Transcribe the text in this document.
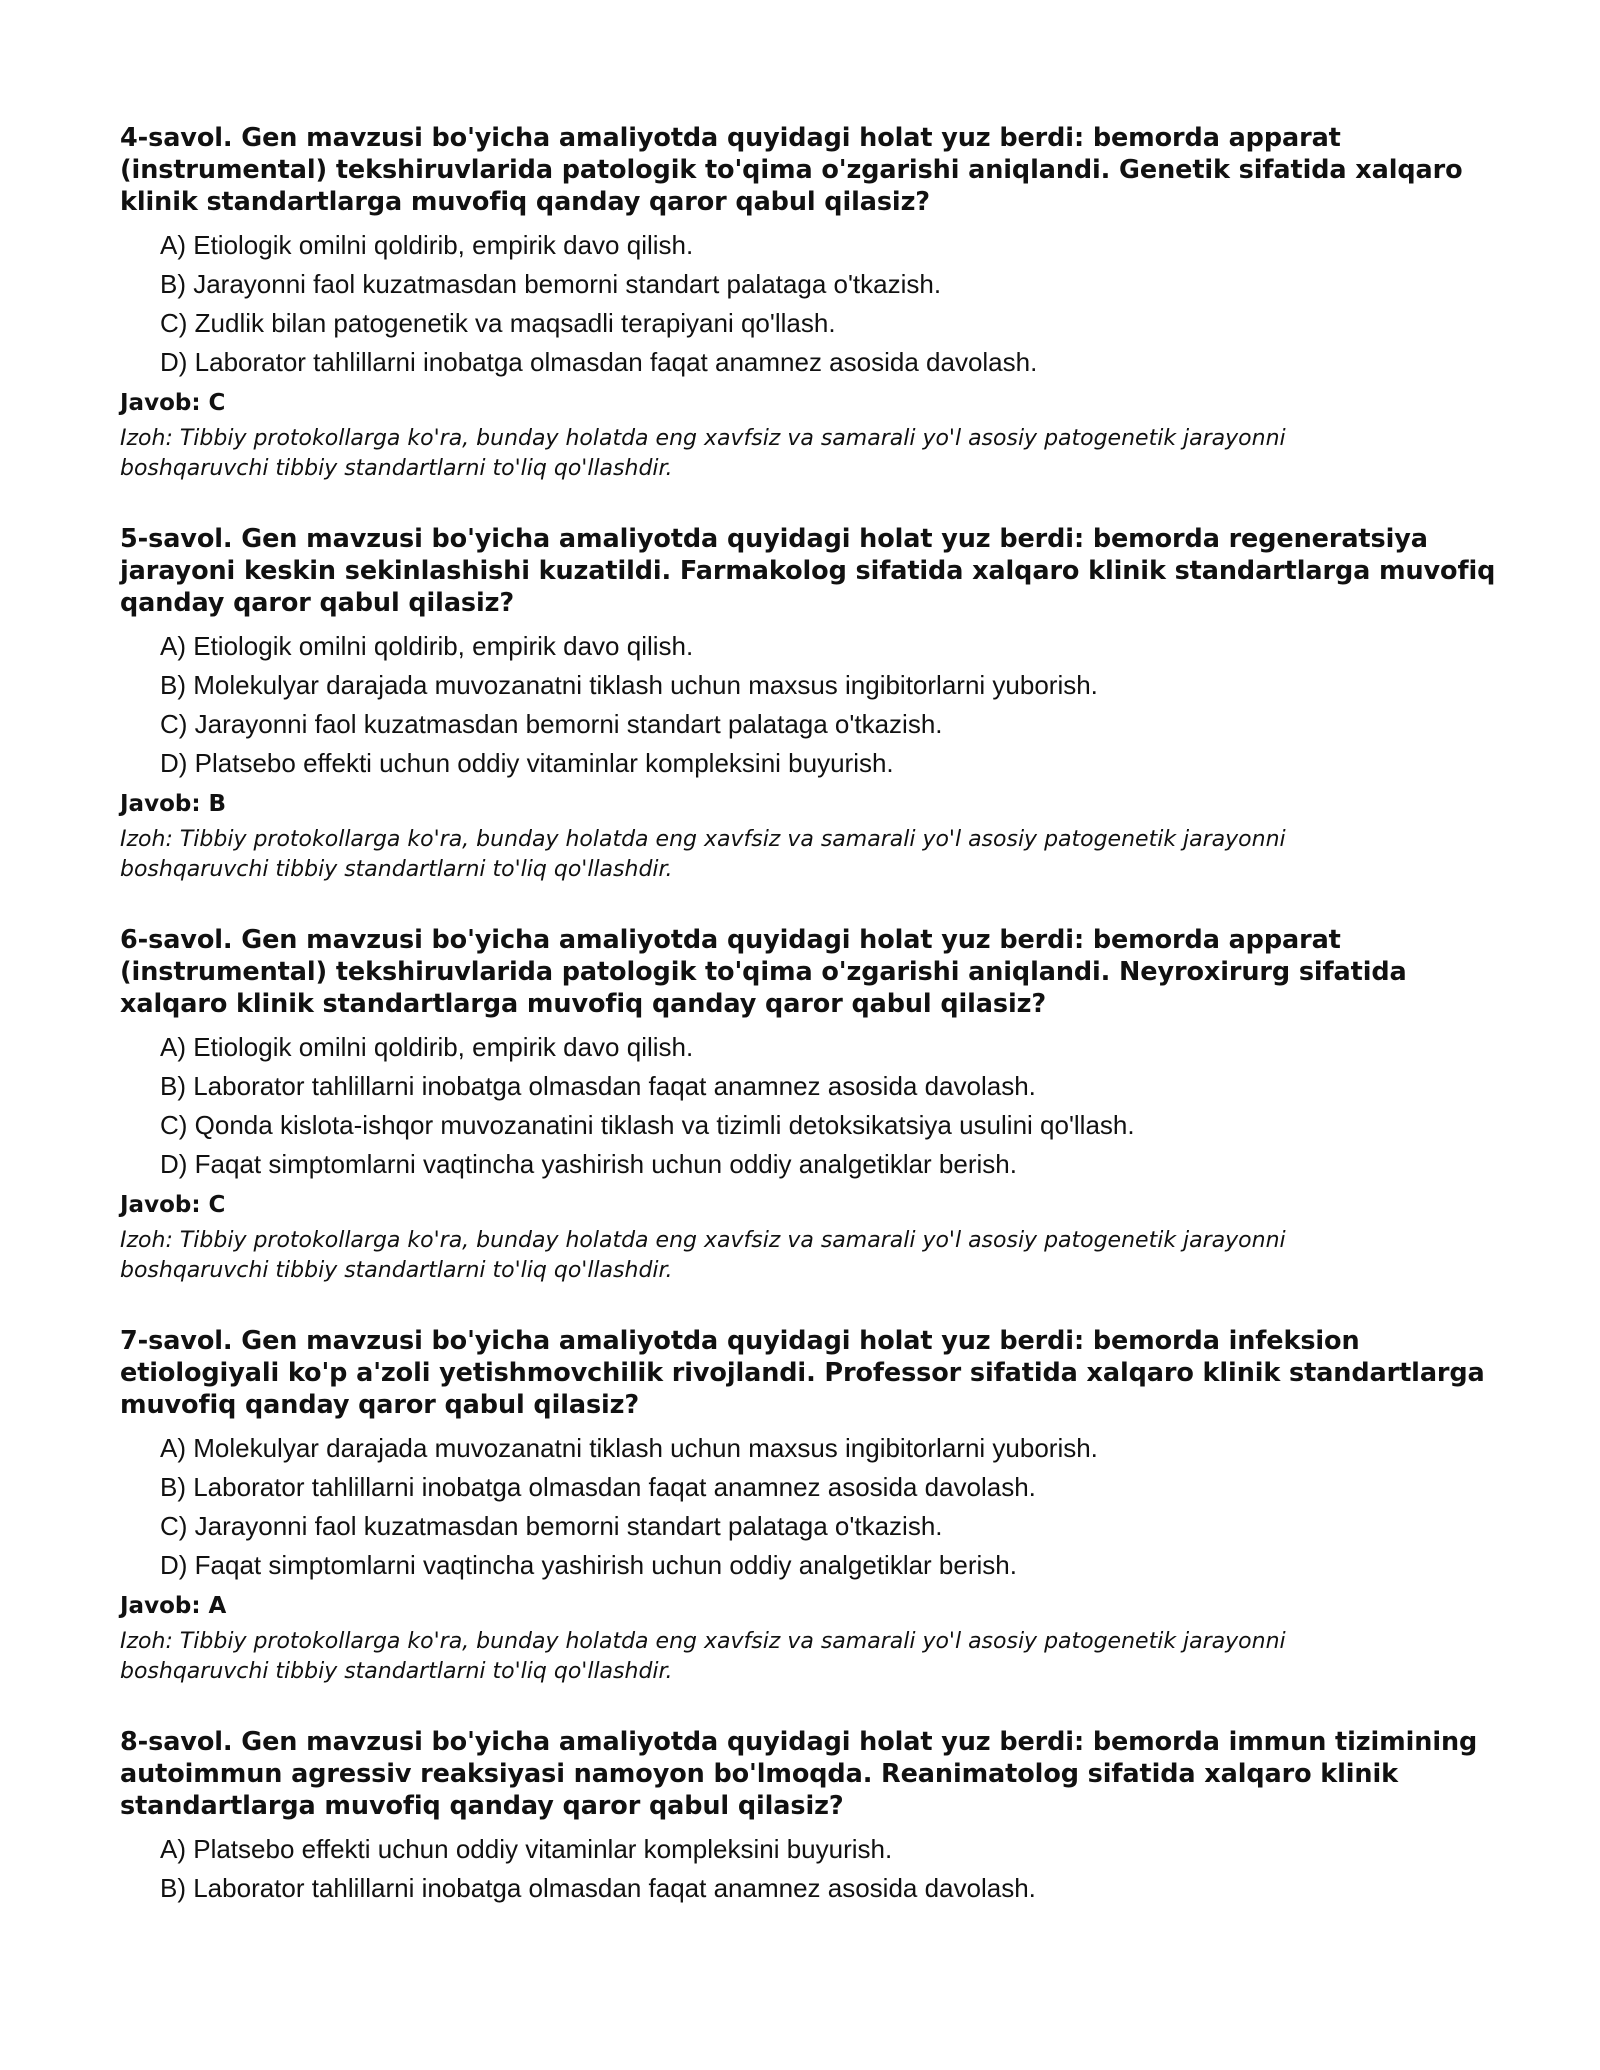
4-savol. Gen mavzusi bo'yicha amaliyotda quyidagi holat yuz berdi: bemorda apparat (instrumental) tekshiruvlarida patologik to'qima o'zgarishi aniqlandi. Genetik sifatida xalqaro klinik standartlarga muvofiq qanday qaror qabul qilasiz?

A) Etiologik omilni qoldirib, empirik davo qilish.
B) Jarayonni faol kuzatmasdan bemorni standart palataga o'tkazish.
C) Zudlik bilan patogenetik va maqsadli terapiyani qo'llash.
D) Laborator tahlillarni inobatga olmasdan faqat anamnez asosida davolash.

Javob: C

Izoh: Tibbiy protokollarga ko'ra, bunday holatda eng xavfsiz va samarali yo'l asosiy patogenetik jarayonni boshqaruvchi tibbiy standartlarni to'liq qo'llashdir.

5-savol. Gen mavzusi bo'yicha amaliyotda quyidagi holat yuz berdi: bemorda regeneratsiya jarayoni keskin sekinlashishi kuzatildi. Farmakolog sifatida xalqaro klinik standartlarga muvofiq qanday qaror qabul qilasiz?

A) Etiologik omilni qoldirib, empirik davo qilish.
B) Molekulyar darajada muvozanatni tiklash uchun maxsus ingibitorlarni yuborish.
C) Jarayonni faol kuzatmasdan bemorni standart palataga o'tkazish.
D) Platsebo effekti uchun oddiy vitaminlar kompleksini buyurish.

Javob: B

Izoh: Tibbiy protokollarga ko'ra, bunday holatda eng xavfsiz va samarali yo'l asosiy patogenetik jarayonni boshqaruvchi tibbiy standartlarni to'liq qo'llashdir.

6-savol. Gen mavzusi bo'yicha amaliyotda quyidagi holat yuz berdi: bemorda apparat (instrumental) tekshiruvlarida patologik to'qima o'zgarishi aniqlandi. Neyroxirurg sifatida xalqaro klinik standartlarga muvofiq qanday qaror qabul qilasiz?

A) Etiologik omilni qoldirib, empirik davo qilish.
B) Laborator tahlillarni inobatga olmasdan faqat anamnez asosida davolash.
C) Qonda kislota-ishqor muvozanatini tiklash va tizimli detoksikatsiya usulini qo'llash.
D) Faqat simptomlarni vaqtincha yashirish uchun oddiy analgetiklar berish.

Javob: C

Izoh: Tibbiy protokollarga ko'ra, bunday holatda eng xavfsiz va samarali yo'l asosiy patogenetik jarayonni boshqaruvchi tibbiy standartlarni to'liq qo'llashdir.

7-savol. Gen mavzusi bo'yicha amaliyotda quyidagi holat yuz berdi: bemorda infeksion etiologiyali ko'p a'zoli yetishmovchilik rivojlandi. Professor sifatida xalqaro klinik standartlarga muvofiq qanday qaror qabul qilasiz?

A) Molekulyar darajada muvozanatni tiklash uchun maxsus ingibitorlarni yuborish.
B) Laborator tahlillarni inobatga olmasdan faqat anamnez asosida davolash.
C) Jarayonni faol kuzatmasdan bemorni standart palataga o'tkazish.
D) Faqat simptomlarni vaqtincha yashirish uchun oddiy analgetiklar berish.

Javob: A

Izoh: Tibbiy protokollarga ko'ra, bunday holatda eng xavfsiz va samarali yo'l asosiy patogenetik jarayonni boshqaruvchi tibbiy standartlarni to'liq qo'llashdir.

8-savol. Gen mavzusi bo'yicha amaliyotda quyidagi holat yuz berdi: bemorda immun tizimining autoimmun agressiv reaksiyasi namoyon bo'lmoqda. Reanimatolog sifatida xalqaro klinik standartlarga muvofiq qanday qaror qabul qilasiz?

A) Platsebo effekti uchun oddiy vitaminlar kompleksini buyurish.
B) Laborator tahlillarni inobatga olmasdan faqat anamnez asosida davolash.
